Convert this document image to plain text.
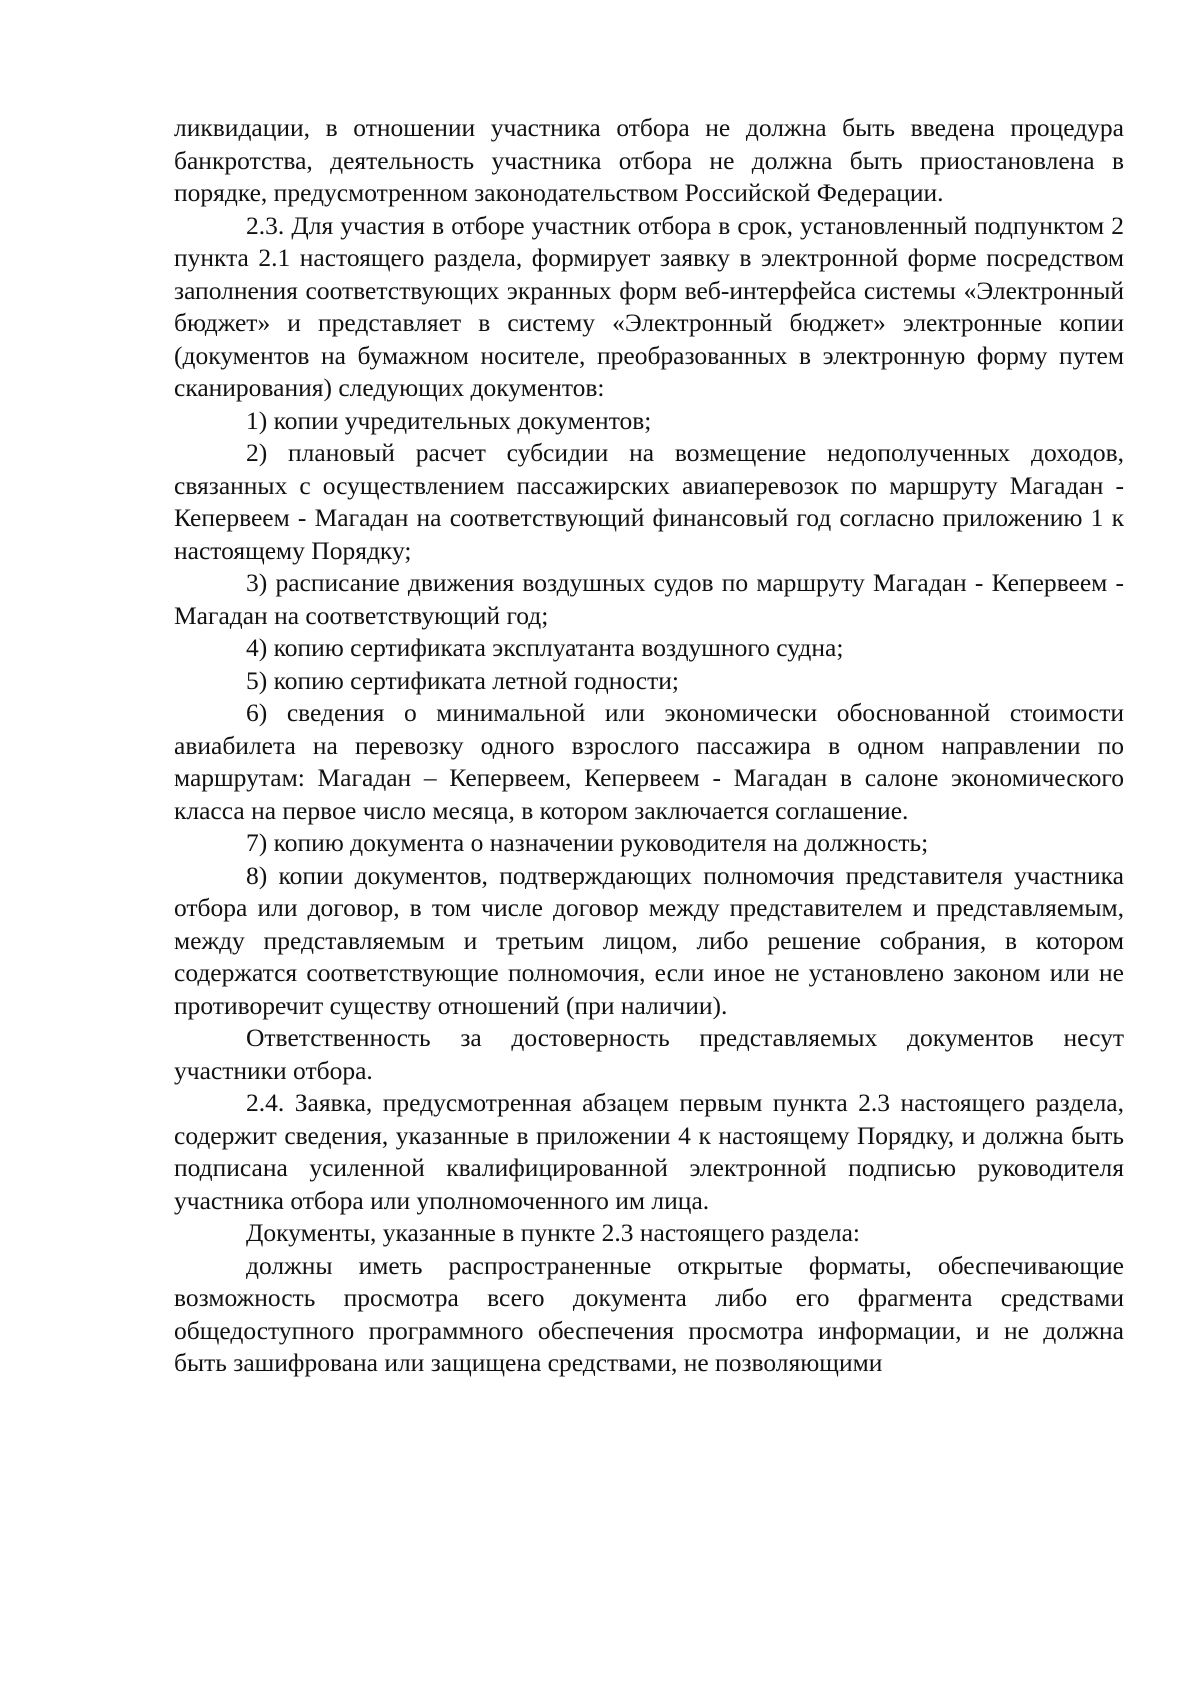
ликвидации, в отношении участника отбора не должна быть введена процедура банкротства, деятельность участника отбора не должна быть приостановлена в порядке, предусмотренном законодательством Российской Федерации.

2.3. Для участия в отборе участник отбора в срок, установленный подпунктом 2 пункта 2.1 настоящего раздела, формирует заявку в электронной форме посредством заполнения соответствующих экранных форм веб-интерфейса системы «Электронный бюджет» и представляет в систему «Электронный бюджет» электронные копии (документов на бумажном носителе, преобразованных в электронную форму путем сканирования) следующих документов:

1) копии учредительных документов;

2) плановый расчет субсидии на возмещение недополученных доходов, связанных с осуществлением пассажирских авиаперевозок по маршруту Магадан - Кепервеем - Магадан на соответствующий финансовый год согласно приложению 1 к настоящему Порядку;

3) расписание движения воздушных судов по маршруту Магадан - Кепервеем - Магадан на соответствующий год;

4) копию сертификата эксплуатанта воздушного судна;

5) копию сертификата летной годности;

6) сведения о минимальной или экономически обоснованной стоимости авиабилета на перевозку одного взрослого пассажира в одном направлении по маршрутам: Магадан – Кепервеем, Кепервеем - Магадан в салоне экономического класса на первое число месяца, в котором заключается соглашение.

7) копию документа о назначении руководителя на должность;

8) копии документов, подтверждающих полномочия представителя участника отбора или договор, в том числе договор между представителем и представляемым, между представляемым и третьим лицом, либо решение собрания, в котором содержатся соответствующие полномочия, если иное не установлено законом или не противоречит существу отношений (при наличии).

Ответственность за достоверность представляемых документов несут участники отбора.

2.4. Заявка, предусмотренная абзацем первым пункта 2.3 настоящего раздела, содержит сведения, указанные в приложении 4 к настоящему Порядку, и должна быть подписана усиленной квалифицированной электронной подписью руководителя участника отбора или уполномоченного им лица.

Документы, указанные в пункте 2.3 настоящего раздела:

должны иметь распространенные открытые форматы, обеспечивающие возможность просмотра всего документа либо его фрагмента средствами общедоступного программного обеспечения просмотра информации, и не должна быть зашифрована или защищена средствами, не позволяющими
